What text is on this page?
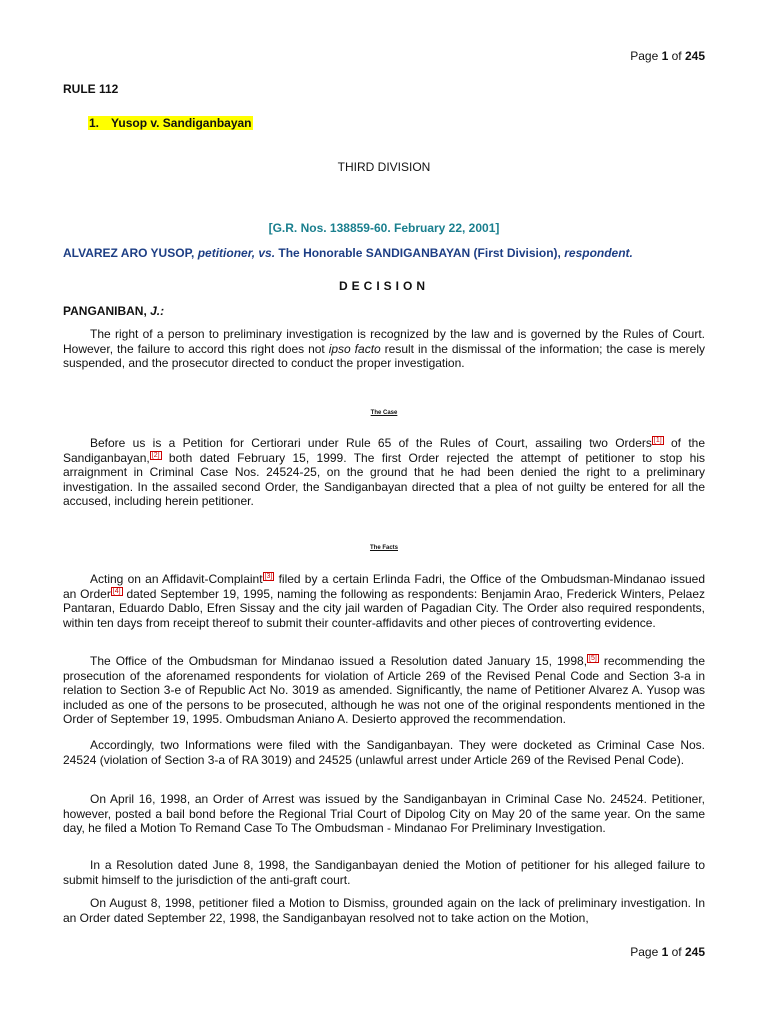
Page 1 of 245
RULE 112
1. Yusop v. Sandiganbayan
THIRD DIVISION
[G.R. Nos. 138859-60. February 22, 2001]
ALVAREZ ARO YUSOP, petitioner, vs. The Honorable SANDIGANBAYAN (First Division), respondent.
DECISION
PANGANIBAN, J.:

The right of a person to preliminary investigation is recognized by the law and is governed by the Rules of Court. However, the failure to accord this right does not ipso facto result in the dismissal of the information; the case is merely suspended, and the prosecutor directed to conduct the proper investigation.

The Case

Before us is a Petition for Certiorari under Rule 65 of the Rules of Court, assailing two Orders [1] of the Sandiganbayan, [2] both dated February 15, 1999. The first Order rejected the attempt of petitioner to stop his arraignment in Criminal Case Nos. 24524-25, on the ground that he had been denied the right to a preliminary investigation. In the assailed second Order, the Sandiganbayan directed that a plea of not guilty be entered for all the accused, including herein petitioner.

The Facts

Acting on an Affidavit-Complaint [3] filed by a certain Erlinda Fadri, the Office of the Ombudsman-Mindanao issued an Order [4] dated September 19, 1995, naming the following as respondents: Benjamin Arao, Frederick Winters, Pelaez Pantaran, Eduardo Dablo, Efren Sissay and the city jail warden of Pagadian City. The Order also required respondents, within ten days from receipt thereof to submit their counter-affidavits and other pieces of controverting evidence.

The Office of the Ombudsman for Mindanao issued a Resolution dated January 15, 1998, [5] recommending the prosecution of the aforenamed respondents for violation of Article 269 of the Revised Penal Code and Section 3-a in relation to Section 3-e of Republic Act No. 3019 as amended. Significantly, the name of Petitioner Alvarez A. Yusop was included as one of the persons to be prosecuted, although he was not one of the original respondents mentioned in the Order of September 19, 1995. Ombudsman Aniano A. Desierto approved the recommendation.

Accordingly, two Informations were filed with the Sandiganbayan. They were docketed as Criminal Case Nos. 24524 (violation of Section 3-a of RA 3019) and 24525 (unlawful arrest under Article 269 of the Revised Penal Code).

On April 16, 1998, an Order of Arrest was issued by the Sandiganbayan in Criminal Case No. 24524. Petitioner, however, posted a bail bond before the Regional Trial Court of Dipolog City on May 20 of the same year. On the same day, he filed a Motion To Remand Case To The Ombudsman - Mindanao For Preliminary Investigation.

In a Resolution dated June 8, 1998, the Sandiganbayan denied the Motion of petitioner for his alleged failure to submit himself to the jurisdiction of the anti-graft court.

On August 8, 1998, petitioner filed a Motion to Dismiss, grounded again on the lack of preliminary investigation. In an Order dated September 22, 1998, the Sandiganbayan resolved not to take action on the Motion,

Page 1 of 245
